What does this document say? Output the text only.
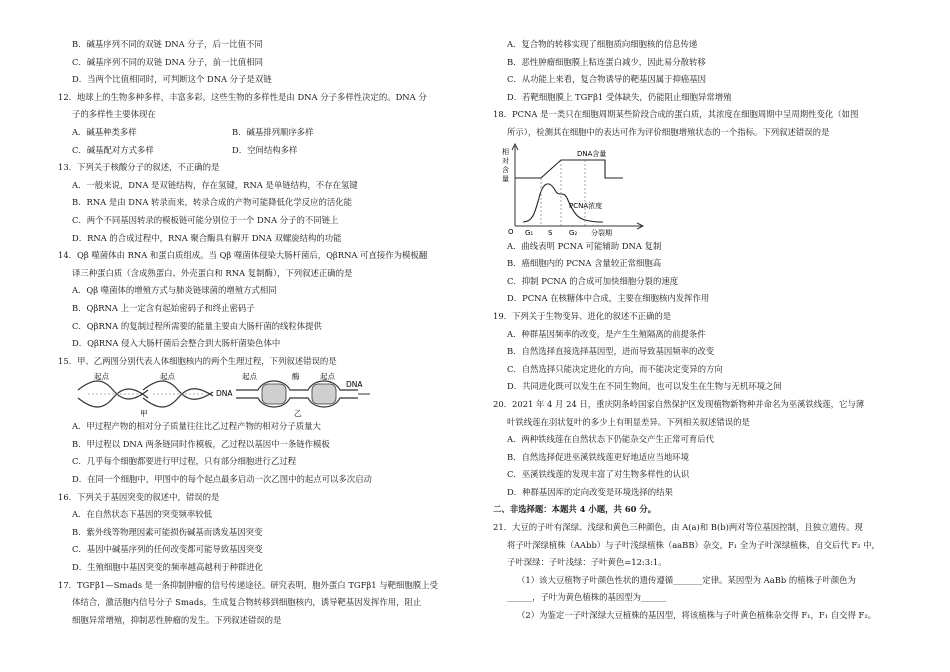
B．碱基序列不同的双链 DNA 分子，后一比值不同
C．碱基序列不同的双链 DNA 分子，前一比值相同
D．当两个比值相同时，可判断这个 DNA 分子是双链
12．地球上的生物多种多样，丰富多彩，这些生物的多样性是由 DNA 分子多样性决定的。DNA 分
子的多样性主要体现在
A．碱基种类多样	B．碱基排列顺序多样
C．碱基配对方式多样	D．空间结构多样
13．下列关于核酸分子的叙述，不正确的是
A．一般来说，DNA 是双链结构，存在氢键，RNA 是单链结构，不存在氢键
B．RNA 是由 DNA 转录而来，转录合成的产物可能降低化学反应的活化能
C．两个不同基因转录的模板链可能分别位于一个 DNA 分子的不同链上
D．RNA 的合成过程中，RNA 聚合酶具有解开 DNA 双螺旋结构的功能
14．Qβ 噬菌体由 RNA 和蛋白质组成。当 Qβ 噬菌体侵染大肠杆菌后，QβRNA 可直接作为模板翻
译三种蛋白质（含成熟蛋白、外壳蛋白和 RNA 复制酶），下列叙述正确的是
A．Qβ 噬菌体的增殖方式与肺炎链球菌的增殖方式相同
B．QβRNA 上一定含有起始密码子和终止密码子
C．QβRNA 的复制过程所需要的能量主要由大肠杆菌的线粒体提供
D．QβRNA 侵入大肠杆菌后会整合到大肠杆菌染色体中
15．甲、乙两图分别代表人体细胞核内的两个生理过程，下列叙述错误的是
起点	起点
DNA
甲
起点	酶	起点
DNA
乙
A．甲过程产物的相对分子质量往往比乙过程产物的相对分子质量大
B．甲过程以 DNA 两条链同时作模板，乙过程以基因中一条链作模板
C．几乎每个细胞都要进行甲过程，只有部分细胞进行乙过程
D．在同一个细胞中，甲图中的每个起点最多启动一次乙图中的起点可以多次启动
16．下列关于基因突变的叙述中，错误的是
A．在自然状态下基因的突变频率较低
B．紫外线等物理因素可能损伤碱基而诱发基因突变
C．基因中碱基序列的任何改变都可能导致基因突变
D．生殖细胞中基因突变的频率越高越利于种群进化
17．TGFβ1—Smads 是一条抑制肿瘤的信号传递途径。研究表明，胞外蛋白 TGFβ1 与靶细胞膜上受
体结合，激活胞内信号分子 Smads，生成复合物转移到细胞核内，诱导靶基因发挥作用，阻止
细胞异常增殖，抑制恶性肿瘤的发生。下列叙述错误的是
A．复合物的转移实现了细胞质向细胞核的信息传递
B．恶性肿瘤细胞膜上粘连蛋白减少，因此易分散转移
C．从功能上来看，复合物诱导的靶基因属于抑癌基因
D．若靶细胞膜上 TGFβ1 受体缺失，仍能阻止细胞异常增殖
18．PCNA 是一类只在细胞周期某些阶段合成的蛋白质，其浓度在细胞周期中呈周期性变化（如图
所示），检测其在细胞中的表达可作为评价细胞增殖状态的一个指标。下列叙述错误的是
相
对
含
量
DNA含量
PCNA浓度
O G₁ S G₂ 分裂期
A．曲线表明 PCNA 可能辅助 DNA 复制
B．癌细胞内的 PCNA 含量较正常细胞高
C．抑制 PCNA 的合成可加快细胞分裂的速度
D．PCNA 在核糖体中合成，主要在细胞核内发挥作用
19．下列关于生物变异、进化的叙述不正确的是
A．种群基因频率的改变，是产生生殖隔离的前提条件
B．自然选择直接选择基因型，进而导致基因频率的改变
C．自然选择只能决定进化的方向，而不能决定变异的方向
D．共同进化既可以发生在不同生物间，也可以发生在生物与无机环境之间
20．2021 年 4 月 24 日，重庆阴条岭国家自然保护区发现植物新物种并命名为巫溪铁线莲，它与薄
叶铁线莲在羽状复叶的多少上有明显差异。下列相关叙述错误的是
A．两种铁线莲在自然状态下仍能杂交产生正常可育后代
B．自然选择促进巫溪铁线莲更好地适应当地环境
C．巫溪铁线莲的发现丰富了对生物多样性的认识
D．种群基因库的定向改变是环境选择的结果
二、非选择题：本题共 4 小题，共 60 分。
21．大豆的子叶有深绿、浅绿和黄色三种颜色，由 A(a)和 B(b)两对等位基因控制，且独立遗传。现
将子叶深绿植株（AAbb）与子叶浅绿植株（aaBB）杂交，F₁ 全为子叶深绿植株，自交后代 F₂ 中，
子叶深绿：子叶浅绿：子叶黄色=12:3:1。
（1）该大豆植物子叶颜色性状的遗传遵循_______定律。某因型为 AaBb 的植株子叶颜色为
______，子叶为黄色植株的基因型为______
（2）为鉴定一子叶深绿大豆植株的基因型，将该植株与子叶黄色植株杂交得 F₁，F₁ 自交得 F₂。
